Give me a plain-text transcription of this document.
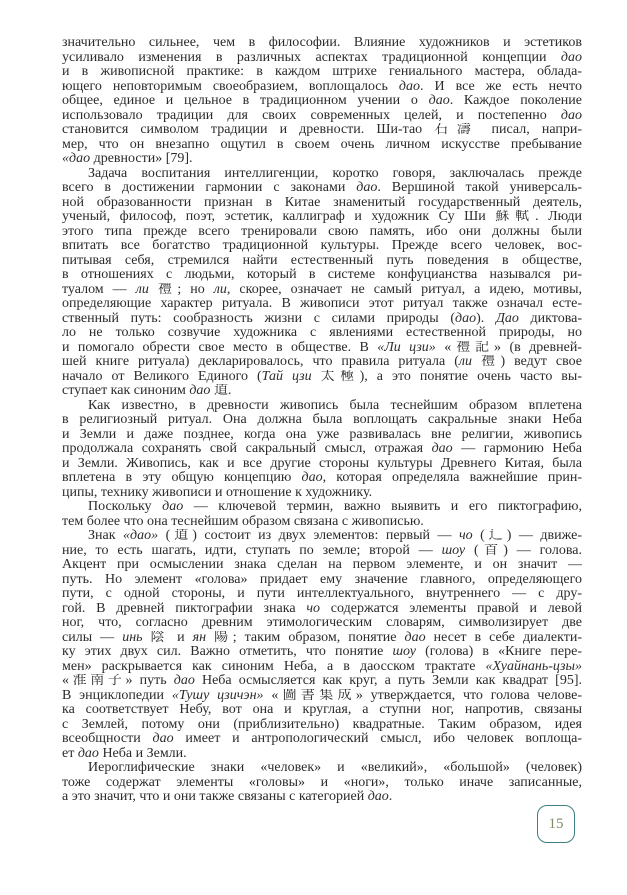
значительно сильнее, чем в философии. Влияние художников и эстетиков
усиливало изменения в различных аспектах традиционной концепции дао
и в живописной практике: в каждом штрихе гениального мастера, облада-
ющего неповторимым своеобразием, воплощалось дао. И все же есть нечто
общее, единое и цельное в традиционном учении о дао. Каждое поколение
использовало традиции для своих современных целей, и постепенно дао
становится символом традиции и древности. Ши-тао 石濤 писал, напри-
мер, что он внезапно ощутил в своем очень личном искусстве пребывание
«дао древности» [79].
Задача воспитания интеллигенции, коротко говоря, заключалась прежде
всего в достижении гармонии с законами дао. Вершиной такой универсаль-
ной образованности признан в Китае знаменитый государственный деятель,
ученый, философ, поэт, эстетик, каллиграф и художник Су Ши 蘇軾. Люди
этого типа прежде всего тренировали свою память, ибо они должны были
впитать все богатство традиционной культуры. Прежде всего человек, вос-
питывая себя, стремился найти естественный путь поведения в обществе,
в отношениях с людьми, который в системе конфуцианства назывался ри-
туалом — ли 禮; но ли, скорее, означает не самый ритуал, а идею, мотивы,
определяющие характер ритуала. В живописи этот ритуал также означал есте-
ственный путь: сообразность жизни с силами природы (дао). Дао диктова-
ло не только созвучие художника с явлениями естественной природы, но
и помогало обрести свое место в обществе. В «Ли цзи» «禮記» (в древней-
шей книге ритуала) декларировалось, что правила ритуала (ли 禮) ведут свое
начало от Великого Единого (Тай цзи 太極), а это понятие очень часто вы-
ступает как синоним дао 道.
Как известно, в древности живопись была теснейшим образом вплетена
в религиозный ритуал. Она должна была воплощать сакральные знаки Неба
и Земли и даже позднее, когда она уже развивалась вне религии, живопись
продолжала сохранять свой сакральный смысл, отражая дао — гармонию Неба
и Земли. Живопись, как и все другие стороны культуры Древнего Китая, была
вплетена в эту общую концепцию дао, которая определяла важнейшие прин-
ципы, технику живописи и отношение к художнику.
Поскольку дао — ключевой термин, важно выявить и его пиктографию,
тем более что она теснейшим образом связана с живописью.
Знак «дао» (道) состоит из двух элементов: первый — чо (辶) — движе-
ние, то есть шагать, идти, ступать по земле; второй — шоу (首) — голова.
Акцент при осмыслении знака сделан на первом элементе, и он значит —
путь. Но элемент «голова» придает ему значение главного, определяющего
пути, с одной стороны, и пути интеллектуального, внутреннего — с дру-
гой. В древней пиктографии знака чо содержатся элементы правой и левой
ног, что, согласно древним этимологическим словарям, символизирует две
силы — инь 陰 и ян 陽; таким образом, понятие дао несет в себе диалекти-
ку этих двух сил. Важно отметить, что понятие шоу (голова) в «Книге пере-
мен» раскрывается как синоним Неба, а в даосском трактате «Хуайнань-цзы»
«淮南子» путь дао Неба осмысляется как круг, а путь Земли как квадрат [95].
В энциклопедии «Тушу цзичэн» «圖書集成» утверждается, что голова челове-
ка соответствует Небу, вот она и круглая, а ступни ног, напротив, связаны
с Землей, потому они (приблизительно) квадратные. Таким образом, идея
всеобщности дао имеет и антропологический смысл, ибо человек воплоща-
ет дао Неба и Земли.
Иероглифические знаки «человек» и «великий», «большой» (человек)
тоже содержат элементы «головы» и «ноги», только иначе записанные,
а это значит, что и они также связаны с категорией дао.
15
